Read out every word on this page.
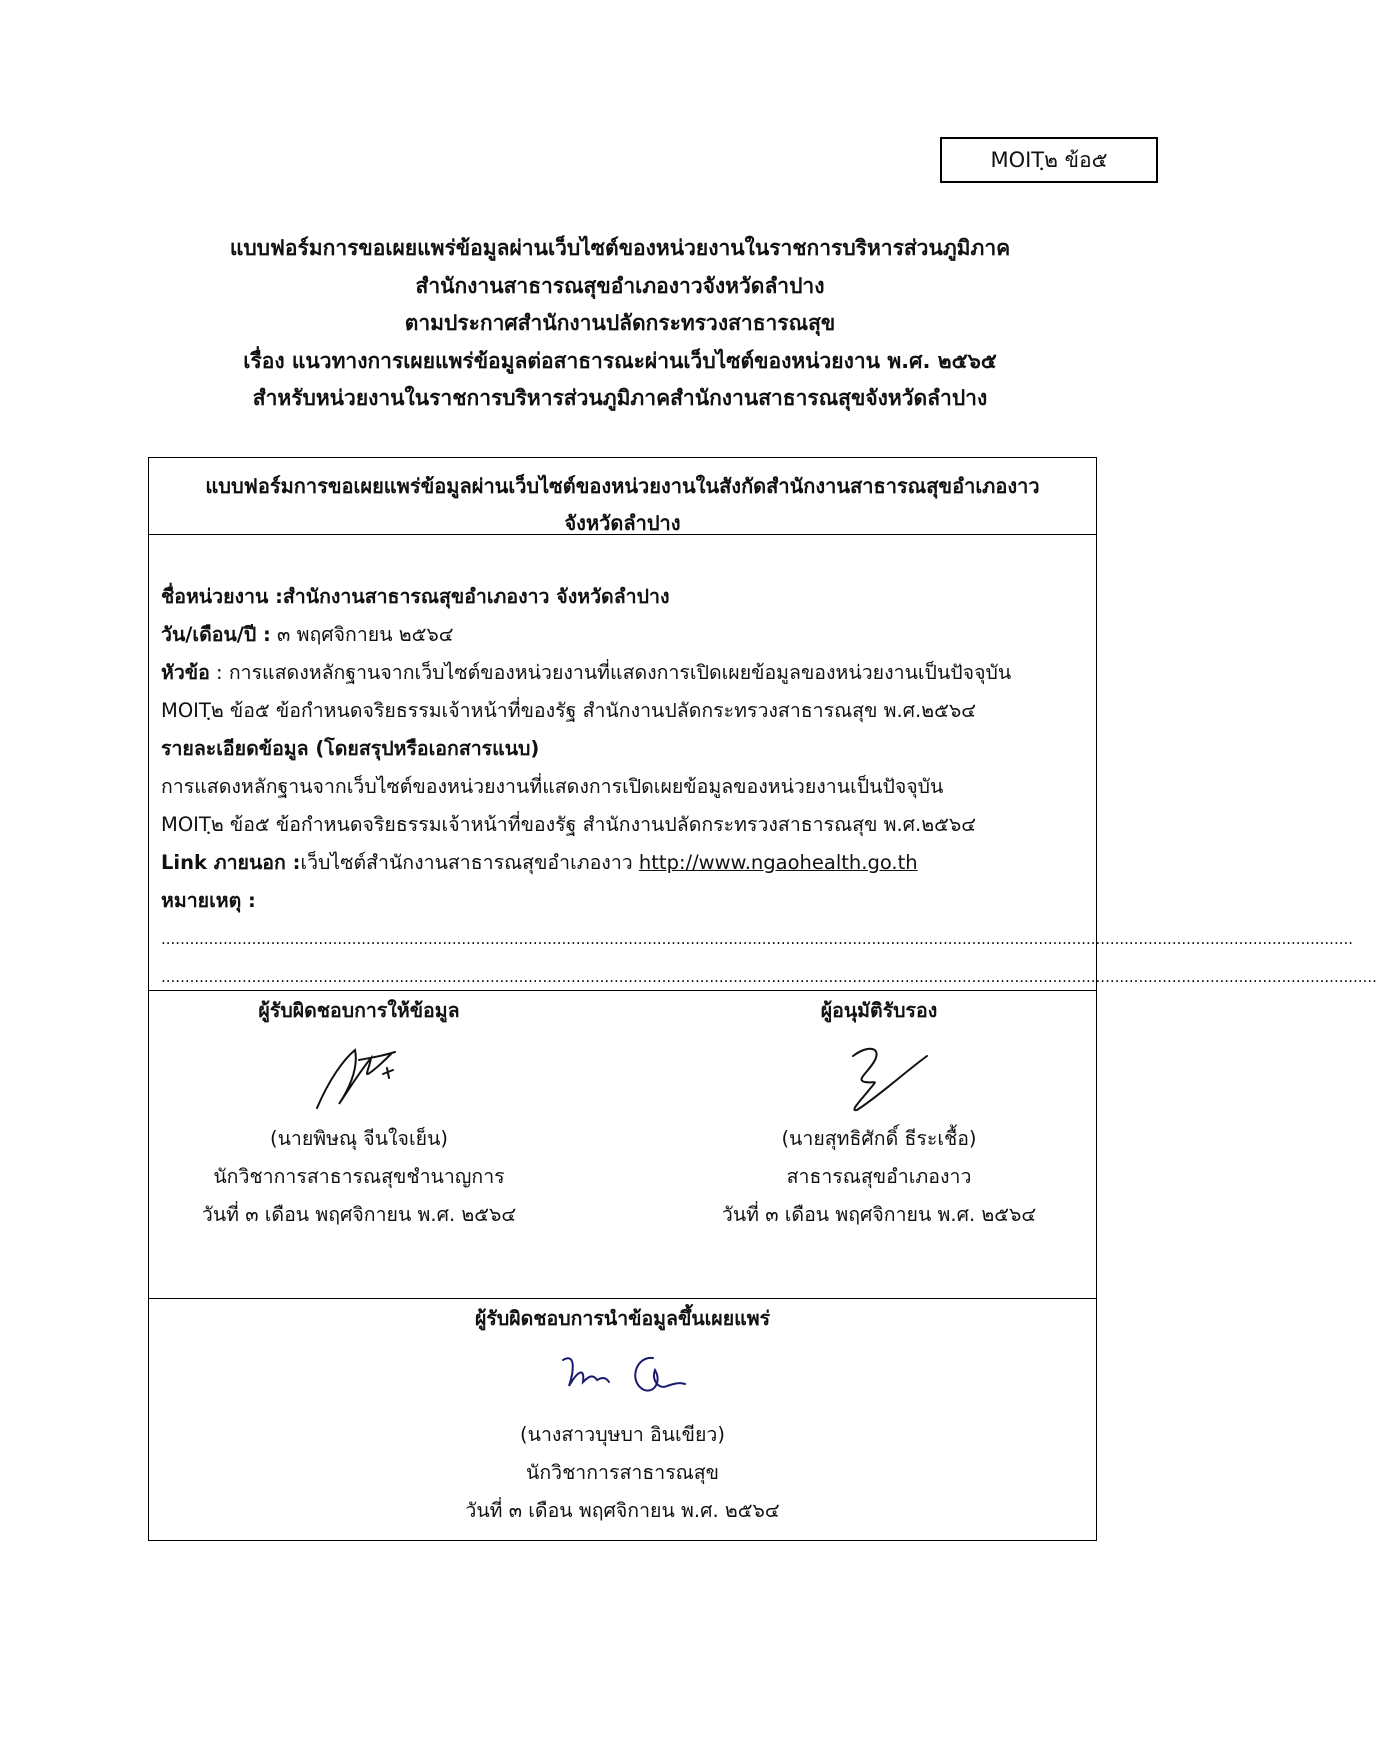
MOITฺ๒ ข้อ๕
แบบฟอร์มการขอเผยแพร่ข้อมูลผ่านเว็บไซต์ของหน่วยงานในราชการบริหารส่วนภูมิภาค
สำนักงานสาธารณสุขอำเภองาวจังหวัดลำปาง
ตามประกาศสำนักงานปลัดกระทรวงสาธารณสุข
เรื่อง แนวทางการเผยแพร่ข้อมูลต่อสาธารณะผ่านเว็บไซต์ของหน่วยงาน พ.ศ. ๒๕๖๕
สำหรับหน่วยงานในราชการบริหารส่วนภูมิภาคสำนักงานสาธารณสุขจังหวัดลำปาง
แบบฟอร์มการขอเผยแพร่ข้อมูลผ่านเว็บไซต์ของหน่วยงานในสังกัดสำนักงานสาธารณสุขอำเภองาว
จังหวัดลำปาง
ชื่อหน่วยงาน :สำนักงานสาธารณสุขอำเภองาว จังหวัดลำปาง
วัน/เดือน/ปี : ๓ พฤศจิกายน ๒๕๖๔
หัวข้อ : การแสดงหลักฐานจากเว็บไซต์ของหน่วยงานที่แสดงการเปิดเผยข้อมูลของหน่วยงานเป็นปัจจุบัน
MOITฺ๒ ข้อ๕ ข้อกำหนดจริยธรรมเจ้าหน้าที่ของรัฐ สำนักงานปลัดกระทรวงสาธารณสุข พ.ศ.๒๕๖๔
รายละเอียดข้อมูล (โดยสรุปหรือเอกสารแนบ)
การแสดงหลักฐานจากเว็บไซต์ของหน่วยงานที่แสดงการเปิดเผยข้อมูลของหน่วยงานเป็นปัจจุบัน
MOITฺ๒ ข้อ๕ ข้อกำหนดจริยธรรมเจ้าหน้าที่ของรัฐ สำนักงานปลัดกระทรวงสาธารณสุข พ.ศ.๒๕๖๔
Link ภายนอก :เว็บไซต์สำนักงานสาธารณสุขอำเภองาว http://www.ngaohealth.go.th
หมายเหตุ :
..........................................................................................................................................................................................................................................................
...............................................................................................................................................................................................................................................................
ผู้รับผิดชอบการให้ข้อมูล
(นายพิษณุ จีนใจเย็น)
นักวิชาการสาธารณสุขชำนาญการ
วันที่ ๓ เดือน พฤศจิกายน พ.ศ. ๒๕๖๔
ผู้อนุมัติรับรอง
(นายสุทธิศักดิ์ ธีระเชื้อ)
สาธารณสุขอำเภองาว
วันที่ ๓ เดือน พฤศจิกายน พ.ศ. ๒๕๖๔
ผู้รับผิดชอบการนำข้อมูลขึ้นเผยแพร่
(นางสาวบุษบา อินเขียว)
นักวิชาการสาธารณสุข
วันที่ ๓ เดือน พฤศจิกายน พ.ศ. ๒๕๖๔
